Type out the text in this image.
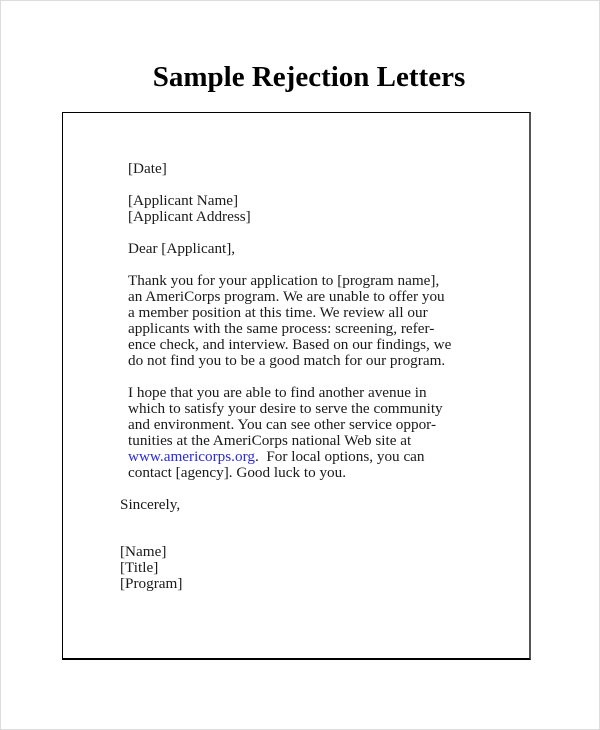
Sample Rejection Letters

[Date]

[Applicant Name]

[Applicant Address]

Dear [Applicant],

Thank you for your application to [program name],

an AmeriCorps program. We are unable to offer you

a member position at this time. We review all our

applicants with the same process: screening, refer-

ence check, and interview. Based on our findings, we

do not find you to be a good match for our program.

I hope that you are able to find another avenue in

which to satisfy your desire to serve the community

and environment. You can see other service oppor-

tunities at the AmeriCorps national Web site at

www.americorps.org.  For local options, you can

contact [agency]. Good luck to you.

Sincerely,

[Name]

[Title]

[Program]
